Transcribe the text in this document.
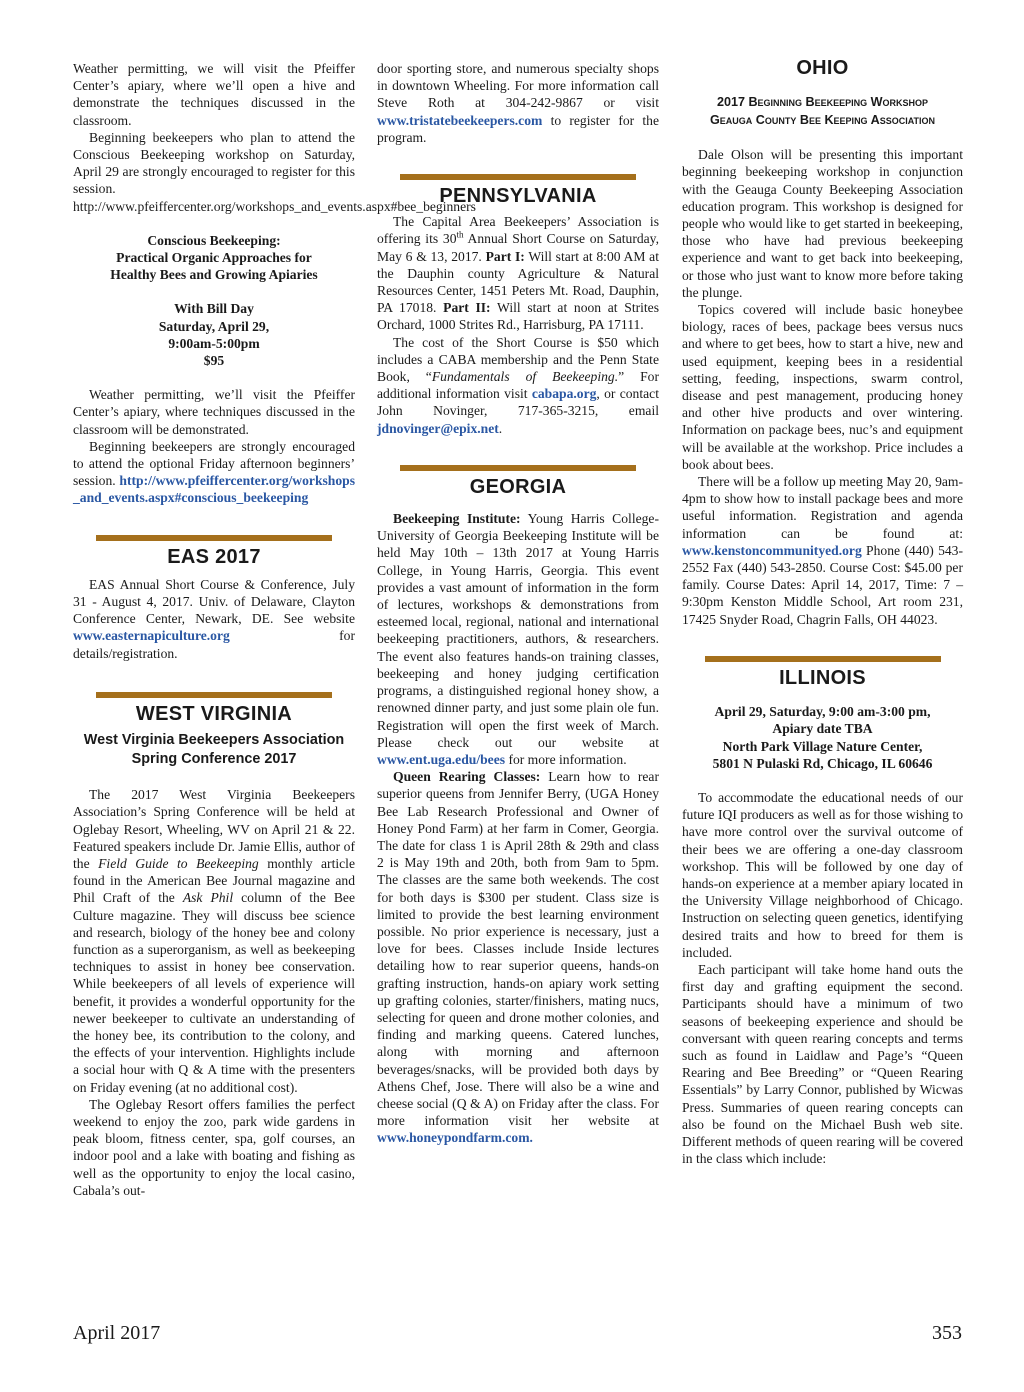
Weather permitting, we will visit the Pfeiffer Center’s apiary, where we’ll open a hive and demonstrate the techniques discussed in the classroom.

Beginning beekeepers who plan to attend the Conscious Beekeeping workshop on Saturday, April 29 are strongly encouraged to register for this session. http://www.pfeiffercenter.org/workshops_and_events.aspx#bee_beginners

Conscious Beekeeping:

Practical Organic Approaches for

Healthy Bees and Growing Apiaries

With Bill Day

Saturday, April 29,

9:00am-5:00pm

$95

Weather permitting, we’ll visit the Pfeiffer Center’s apiary, where techniques discussed in the classroom will be demonstrated.

Beginning beekeepers are strongly encouraged to attend the optional Friday afternoon beginners’ session. http://www.pfeiffercenter.org/workshops_and_events.aspx#conscious_beekeeping

EAS 2017

EAS Annual Short Course & Conference, July 31 - August 4, 2017. Univ. of Delaware, Clayton Conference Center, Newark, DE. See website www.easternapiculture.org	for details/registration.

WEST VIRGINIA
West Virginia Beekeepers Association
Spring Conference 2017

The 2017 West Virginia Beekeepers Association’s Spring Conference will be held at Oglebay Resort, Wheeling, WV on April 21 & 22. Featured speakers include Dr. Jamie Ellis, author of the Field Guide to Beekeeping monthly article found in the American Bee Journal magazine and Phil Craft of the Ask Phil column of the Bee Culture magazine. They will discuss bee science and research, biology of the honey bee and colony function as a superorganism, as well as beekeeping techniques to assist in honey bee conservation. While beekeepers of all levels of experience will benefit, it provides a wonderful opportunity for the newer beekeeper to cultivate an understanding of the honey bee, its contribution to the colony, and the effects of your intervention. Highlights include a social hour with Q & A time with the presenters on Friday evening (at no additional cost).

The Oglebay Resort offers families the perfect weekend to enjoy the zoo, park wide gardens in peak bloom, fitness center, spa, golf courses, an indoor pool and a lake with boating and fishing as well as the opportunity to enjoy the local casino, Cabala’s out-

door sporting store, and numerous specialty shops in downtown Wheeling. For more information call Steve Roth at 304-242-9867 or visit www.tristatebeekeepers.com to register for the program.

PENNSYLVANIA

The Capital Area Beekeepers’ Association is offering its 30th Annual Short Course on Saturday, May 6 & 13, 2017. Part I: Will start at 8:00 AM at the Dauphin county Agriculture & Natural Resources Center, 1451 Peters Mt. Road, Dauphin, PA 17018. Part II: Will start at noon at Strites Orchard, 1000 Strites Rd., Harrisburg, PA 17111.

The cost of the Short Course is $50 which includes a CABA membership and the Penn State Book, “Fundamentals of Beekeeping.” For additional information visit cabapa.org, or contact John Novinger, 717-365-3215, email jdnovinger@epix.net.

GEORGIA

Beekeeping Institute: Young Harris College-University of Georgia Beekeeping Institute will be held May 10th – 13th 2017 at Young Harris College, in Young Harris, Georgia. This event provides a vast amount of information in the form of lectures, workshops & demonstrations from esteemed local, regional, national and international beekeeping practitioners, authors, & researchers. The event also features hands-on training classes, beekeeping and honey judging certification programs, a distinguished regional honey show, a renowned dinner party, and just some plain ole fun. Registration will open the first week of March. Please check out our website at www.ent.uga.edu/bees for more information.

Queen Rearing Classes: Learn how to rear superior queens from Jennifer Berry, (UGA Honey Bee Lab Research Professional and Owner of Honey Pond Farm) at her farm in Comer, Georgia. The date for class 1 is April 28th & 29th and class 2 is May 19th and 20th, both from 9am to 5pm. The classes are the same both weekends. The cost for both days is $300 per student. Class size is limited to provide the best learning environment possible. No prior experience is necessary, just a love for bees. Classes include Inside lectures detailing how to rear superior queens, hands-on grafting instruction, hands-on apiary work setting up grafting colonies, starter/finishers, mating nucs, selecting for queen and drone mother colonies, and finding and marking queens. Catered lunches, along with morning and afternoon beverages/snacks, will be provided both days by Athens Chef, Jose. There will also be a wine and cheese social (Q & A) on Friday after the class. For more information visit her website at www.honeypondfarm.com.

OHIO
2017 Beginning Beekeeping Workshop
Geauga County Bee Keeping Association

Dale Olson will be presenting this important beginning beekeeping workshop in conjunction with the Geauga County Beekeeping Association education program. This workshop is designed for people who would like to get started in beekeeping, those who have had previous beekeeping experience and want to get back into beekeeping, or those who just want to know more before taking the plunge.

Topics covered will include basic honeybee biology, races of bees, package bees versus nucs and where to get bees, how to start a hive, new and used equipment, keeping bees in a residential setting, feeding, inspections, swarm control, disease and pest management, producing honey and other hive products and over wintering. Information on package bees, nuc’s and equipment will be available at the workshop. Price includes a book about bees.

There will be a follow up meeting May 20, 9am-4pm to show how to install package bees and more useful information. Registration and agenda information can be found at: www.kenstoncommunityed.org Phone (440) 543-2552 Fax (440) 543-2850. Course Cost: $45.00 per family. Course Dates: April 14, 2017, Time: 7 – 9:30pm Kenston Middle School, Art room 231, 17425 Snyder Road, Chagrin Falls, OH 44023.

ILLINOIS

April 29, Saturday, 9:00 am-3:00 pm,

Apiary date TBA

North Park Village Nature Center,

5801 N Pulaski Rd, Chicago, IL 60646

To accommodate the educational needs of our future IQI producers as well as for those wishing to have more control over the survival outcome of their bees we are offering a one-day classroom workshop. This will be followed by one day of hands-on experience at a member apiary located in the University Village neighborhood of Chicago. Instruction on selecting queen genetics, identifying desired traits and how to breed for them is included.

Each participant will take home hand outs the first day and grafting equipment the second. Participants should have a minimum of two seasons of beekeeping experience and should be conversant with queen rearing concepts and terms such as found in Laidlaw and Page’s “Queen Rearing and Bee Breeding” or “Queen Rearing Essentials” by Larry Connor, published by Wicwas Press. Summaries of queen rearing concepts can also be found on the Michael Bush web site. Different methods of queen rearing will be covered in the class which include:

April 2017	353
